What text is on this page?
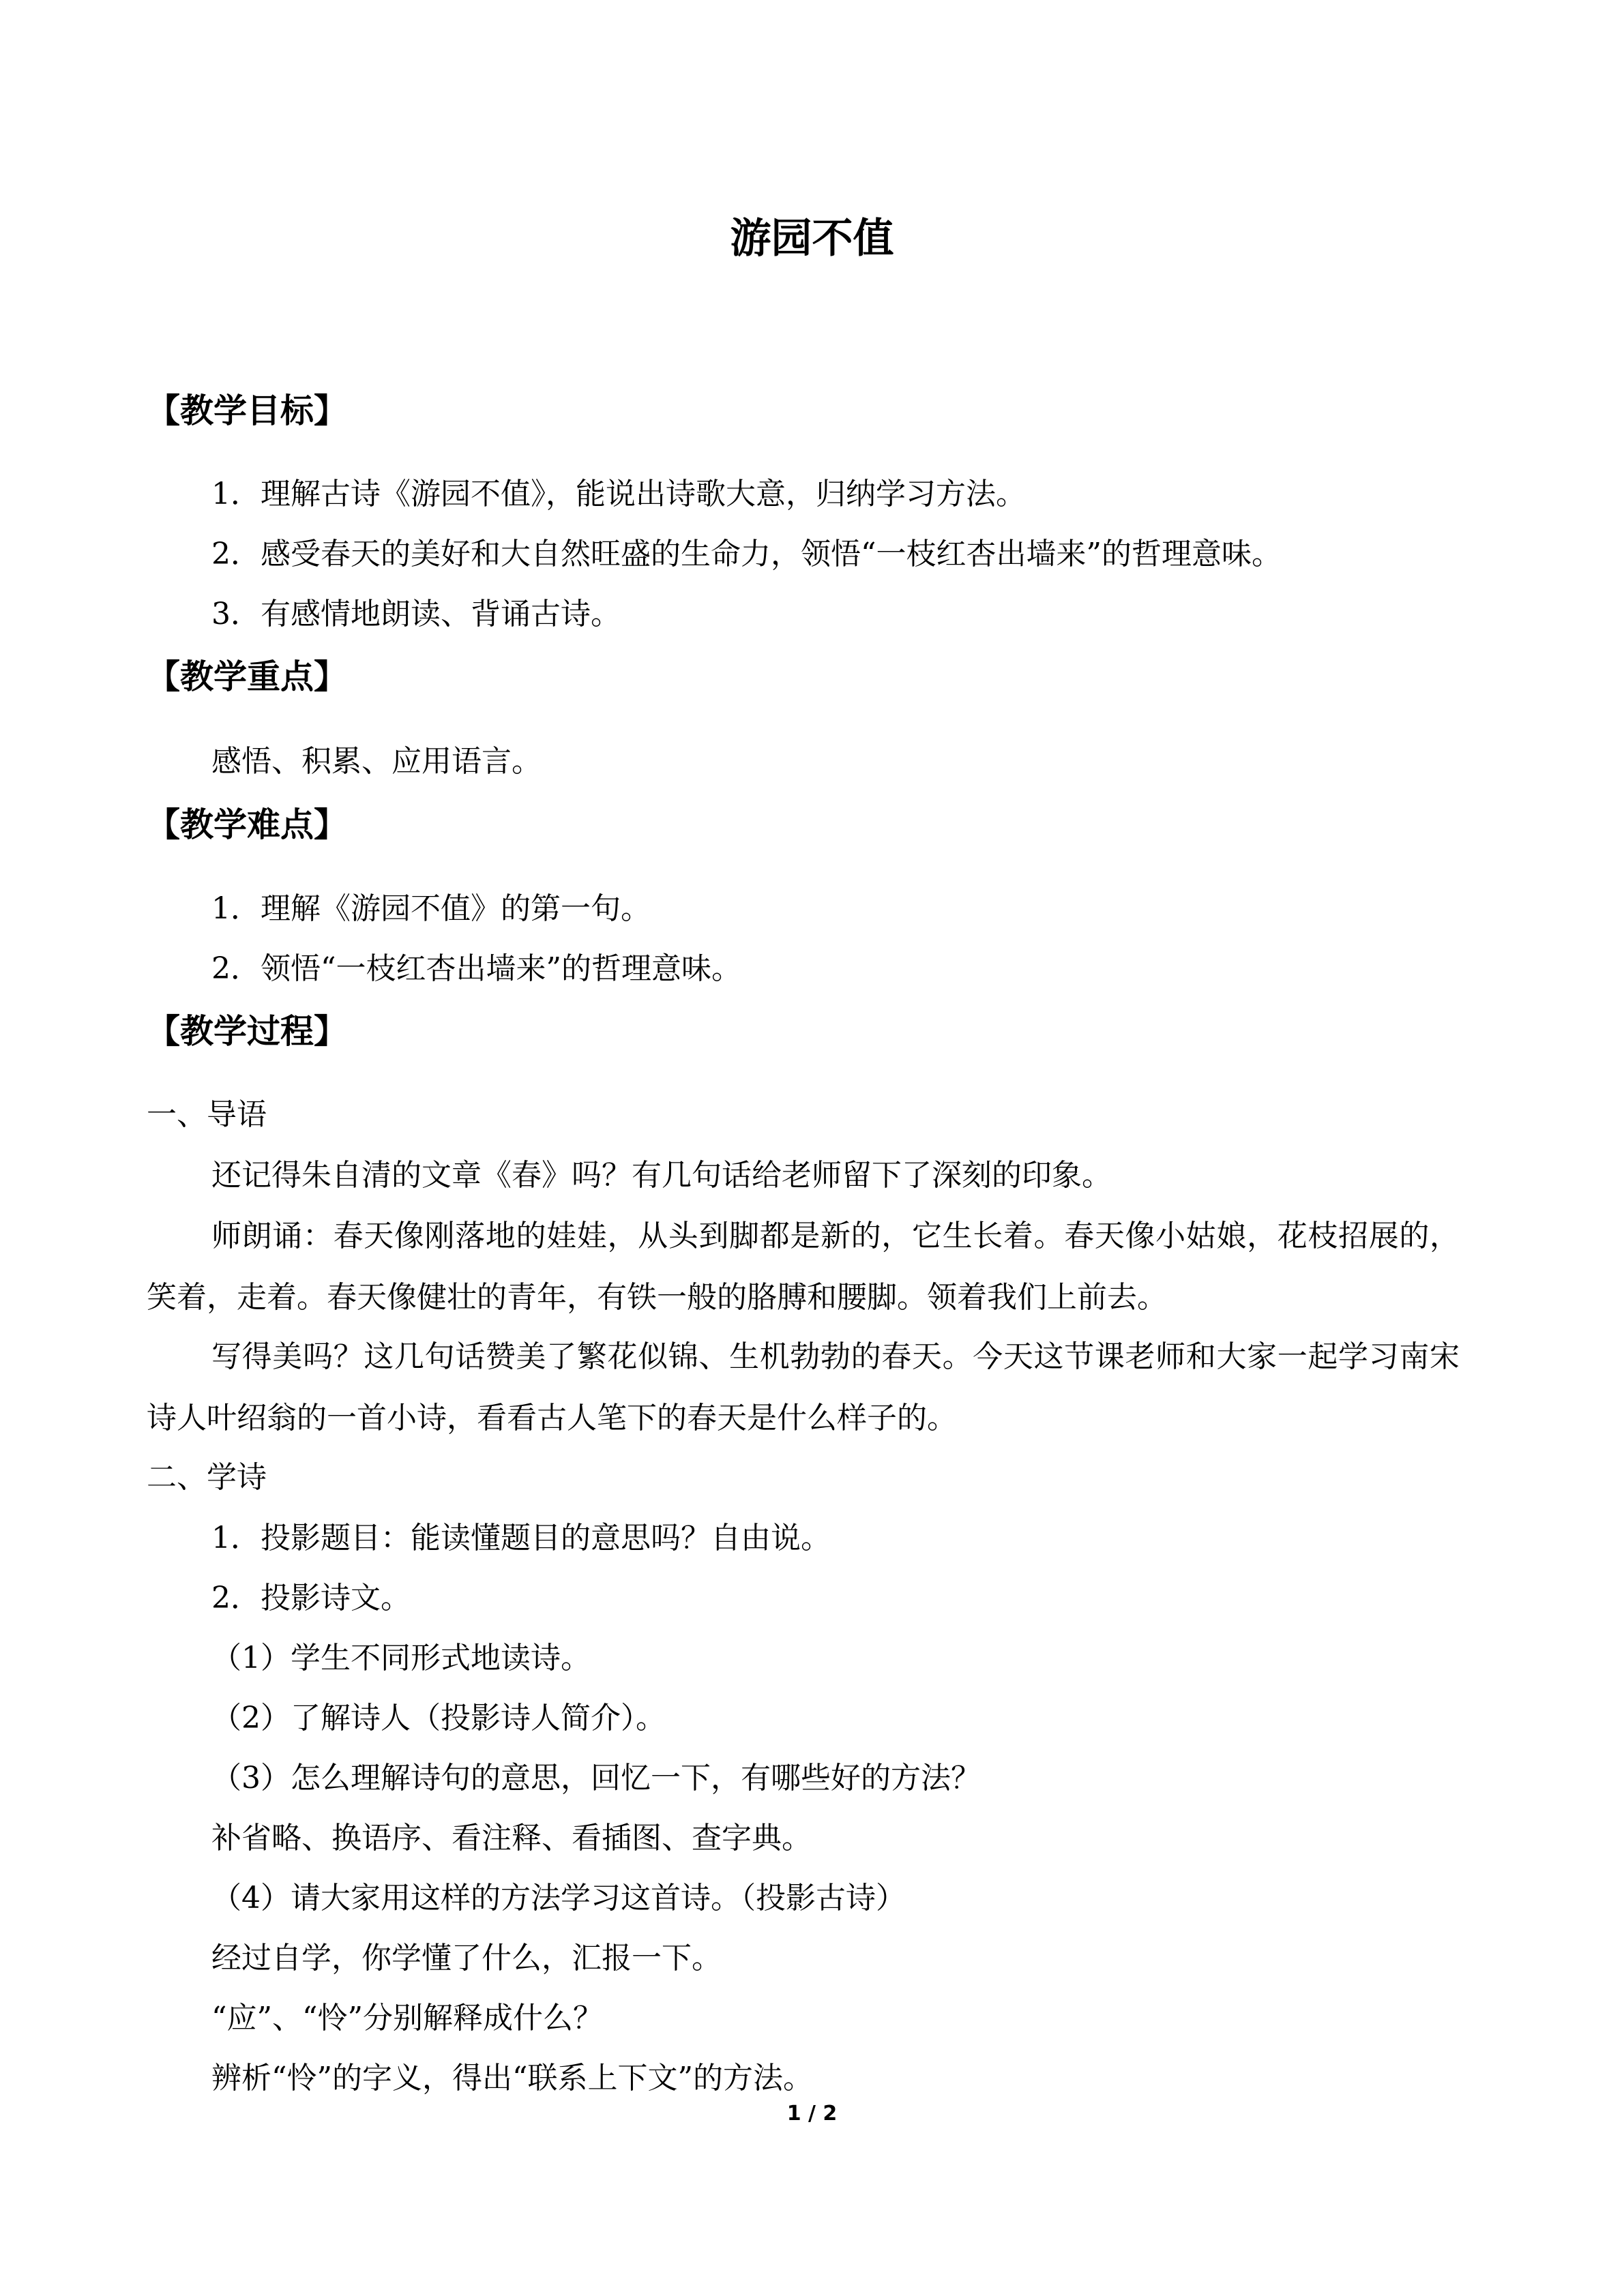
游园不值
【教学目标】
1．理解古诗《游园不值》，能说出诗歌大意，归纳学习方法。
2．感受春天的美好和大自然旺盛的生命力，领悟“一枝红杏出墙来”的哲理意味。
3．有感情地朗读、背诵古诗。
【教学重点】
感悟、积累、应用语言。
【教学难点】
1．理解《游园不值》的第一句。
2．领悟“一枝红杏出墙来”的哲理意味。
【教学过程】
一、导语
还记得朱自清的文章《春》吗？有几句话给老师留下了深刻的印象。
师朗诵：春天像刚落地的娃娃，从头到脚都是新的，它生长着。春天像小姑娘，花枝招展的，笑着，走着。春天像健壮的青年，有铁一般的胳膊和腰脚。领着我们上前去。
写得美吗？这几句话赞美了繁花似锦、生机勃勃的春天。今天这节课老师和大家一起学习南宋诗人叶绍翁的一首小诗，看看古人笔下的春天是什么样子的。
二、学诗
1．投影题目：能读懂题目的意思吗？自由说。
2．投影诗文。
（1）学生不同形式地读诗。
（2）了解诗人（投影诗人简介）。
（3）怎么理解诗句的意思，回忆一下，有哪些好的方法？
补省略、换语序、看注释、看插图、查字典。
（4）请大家用这样的方法学习这首诗。（投影古诗）
经过自学，你学懂了什么，汇报一下。
“应”、“怜”分别解释成什么？
辨析“怜”的字义，得出“联系上下文”的方法。
1 / 2
